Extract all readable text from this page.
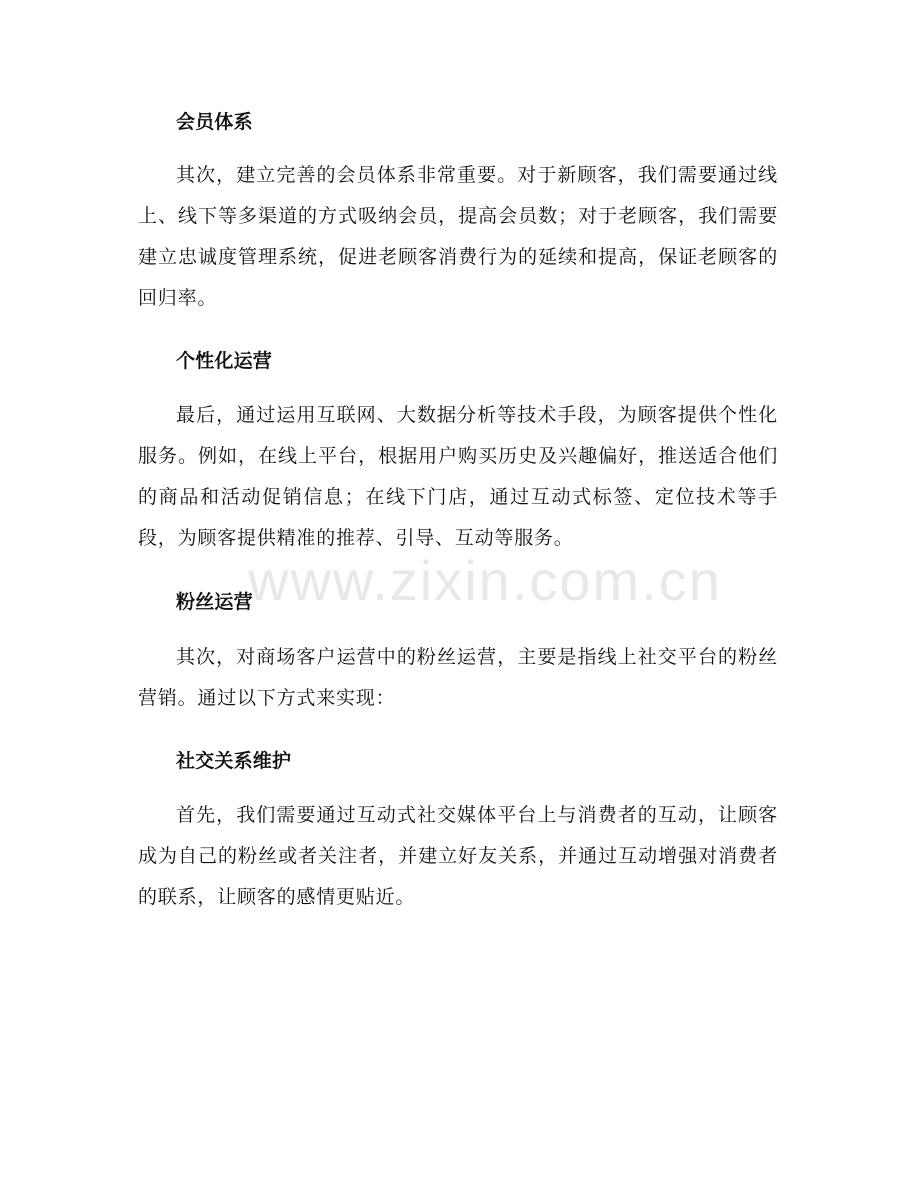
会员体系

其次，建立完善的会员体系非常重要。对于新顾客，我们需要通过线上、线下等多渠道的方式吸纳会员，提高会员数；对于老顾客，我们需要建立忠诚度管理系统，促进老顾客消费行为的延续和提高，保证老顾客的回归率。

个性化运营

最后，通过运用互联网、大数据分析等技术手段，为顾客提供个性化服务。例如，在线上平台，根据用户购买历史及兴趣偏好，推送适合他们的商品和活动促销信息；在线下门店，通过互动式标签、定位技术等手段，为顾客提供精准的推荐、引导、互动等服务。

粉丝运营

其次，对商场客户运营中的粉丝运营，主要是指线上社交平台的粉丝营销。通过以下方式来实现：

社交关系维护

首先，我们需要通过互动式社交媒体平台上与消费者的互动，让顾客成为自己的粉丝或者关注者，并建立好友关系，并通过互动增强对消费者的联系，让顾客的感情更贴近。

www.zixin.com.cn
